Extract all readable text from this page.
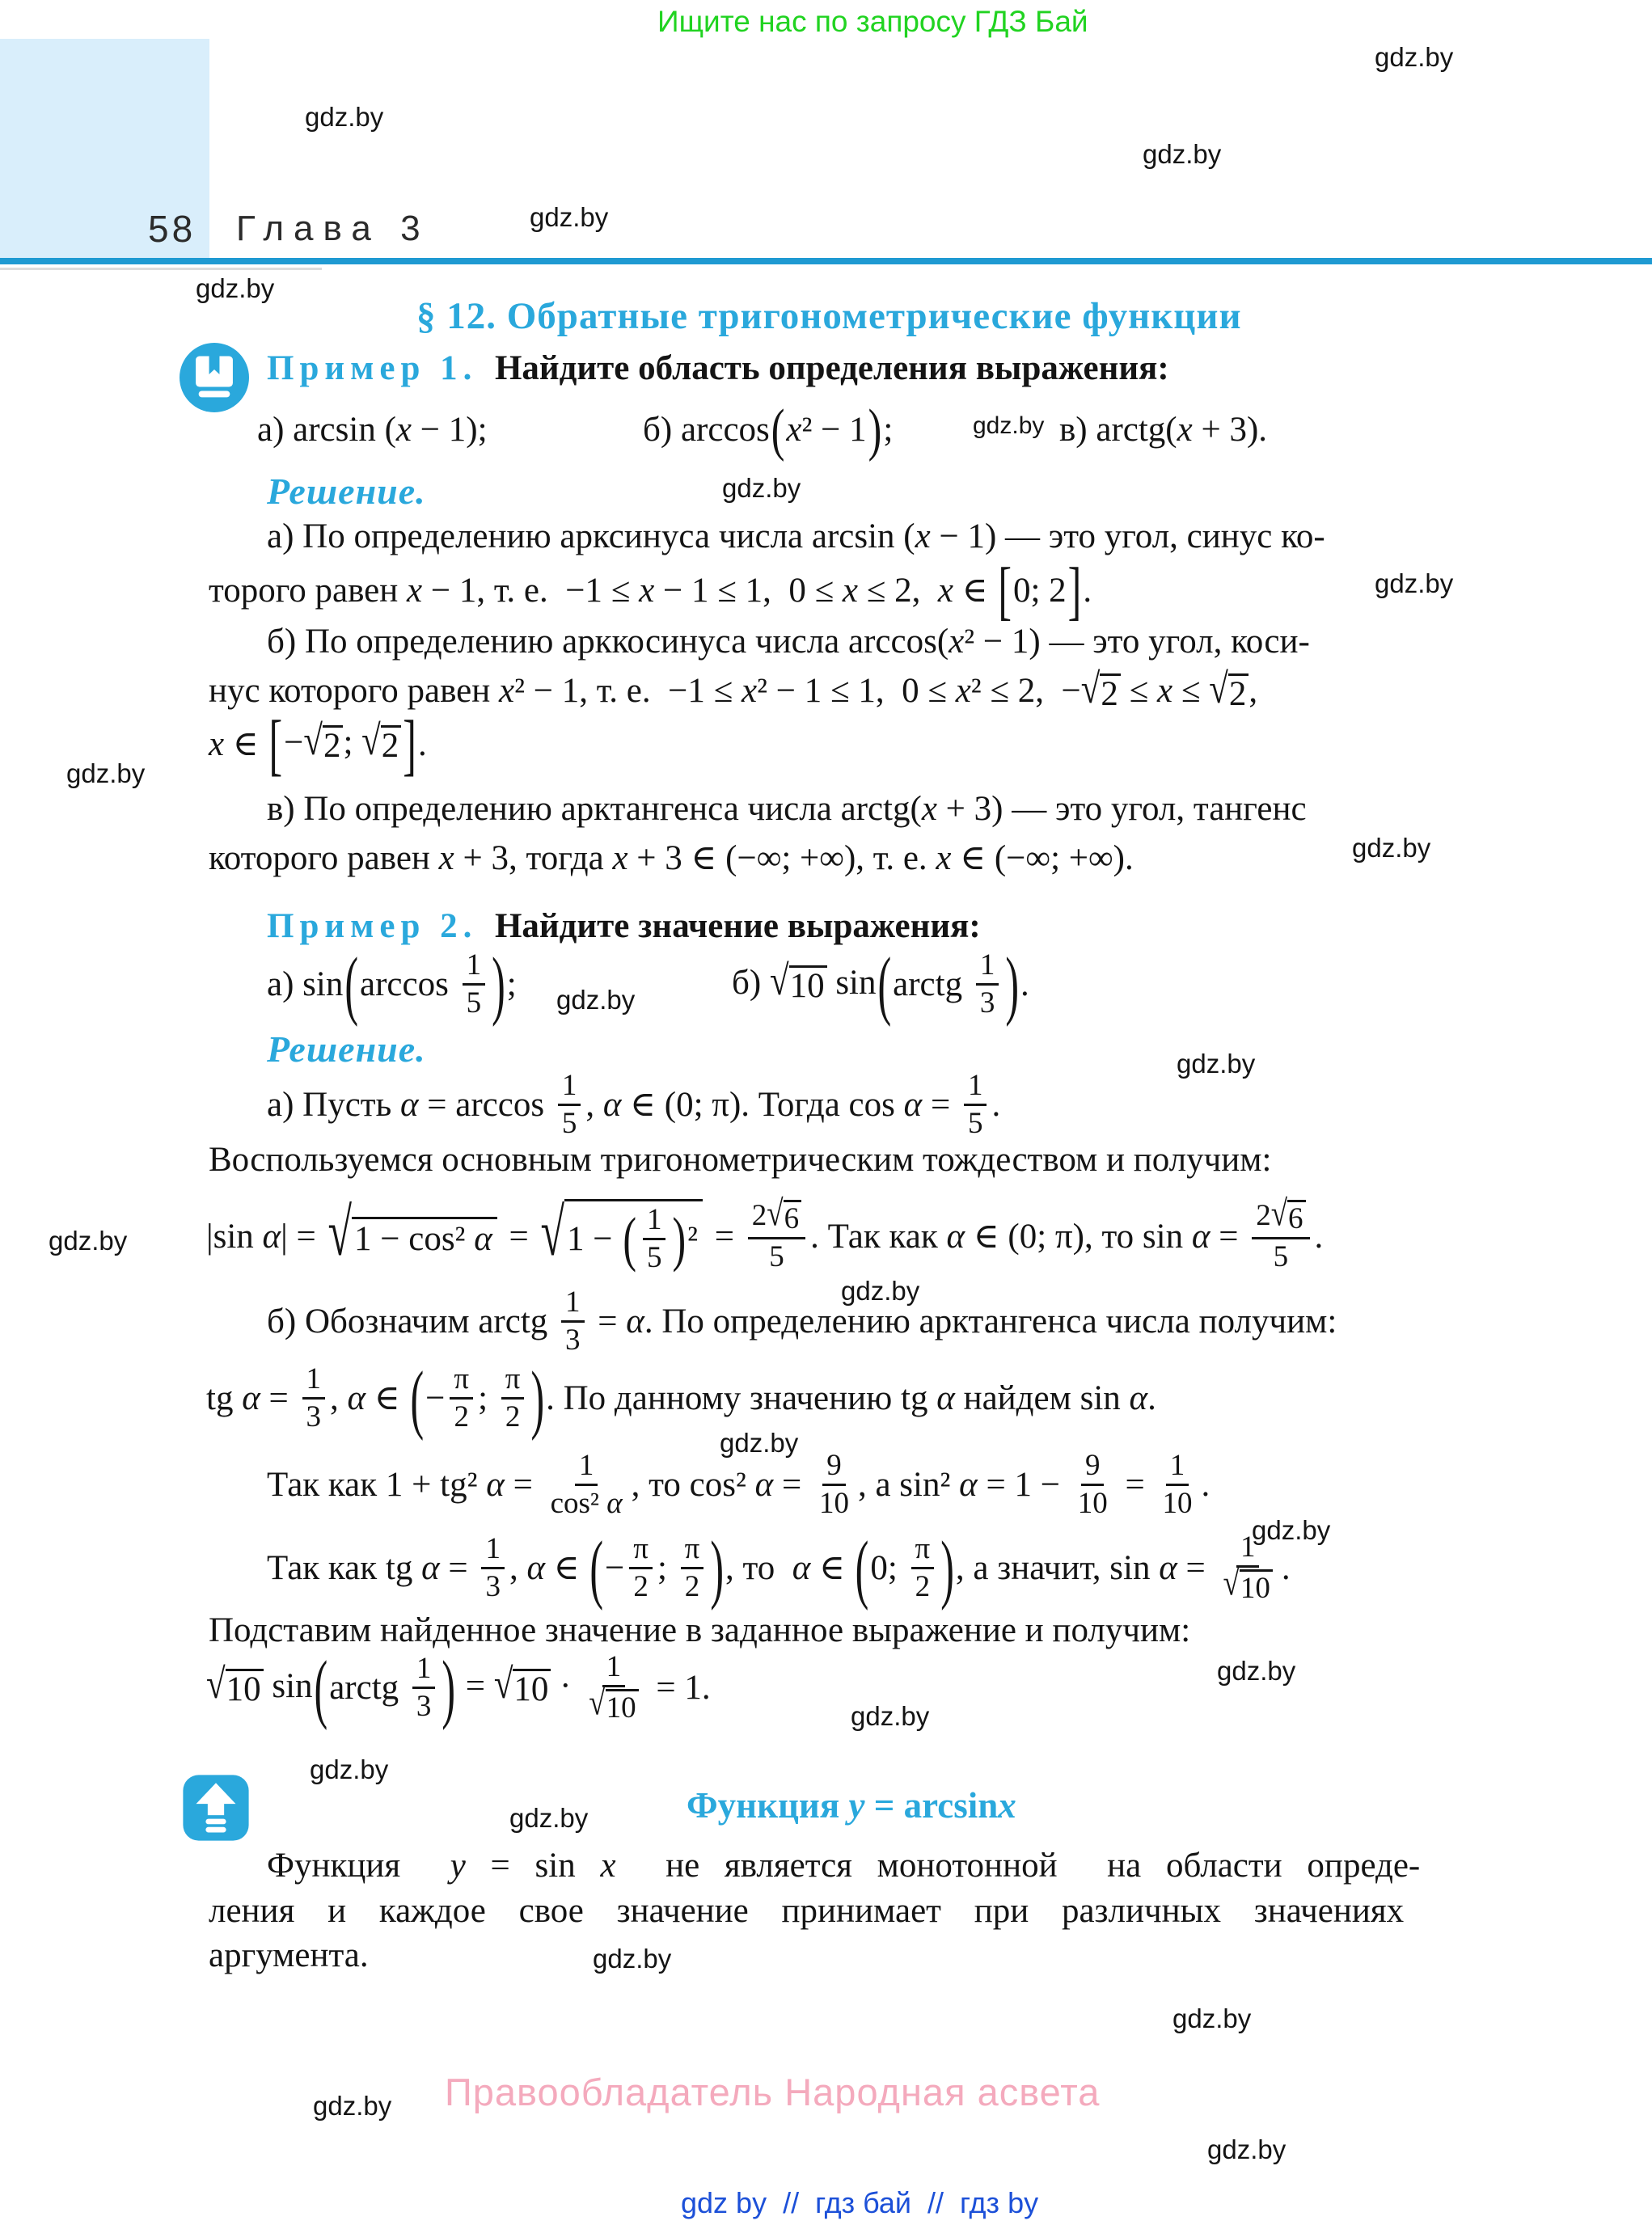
Ищите нас по запросу ГДЗ Бай
58 Глава 3
§ 12. Обратные тригонометрические функции
Пример 1. Найдите область определения выражения:
а) arcsin (x − 1);	б) arccos ( x² − 1 ) ;	в) arctg(x + 3).
Решение.
а) По определению арксинуса числа arcsin (x − 1) — это угол, синус ко-
торого равен x − 1, т. е.  −1 ≤ x − 1 ≤ 1,  0 ≤ x ≤ 2,  x ∈ [ 0; 2 ] .
б) По определению арккосинуса числа arccos(x² − 1) — это угол, коси-
нус которого равен x² − 1, т. е.  −1 ≤ x² − 1 ≤ 1,  0 ≤ x² ≤ 2,  − √ 2 ≤ x ≤ √ 2 ,
x ∈ [ − √ 2 ; √ 2 ] .
в) По определению арктангенса числа arctg(x + 3) — это угол, тангенс
которого равен x + 3, тогда x + 3 ∈ (−∞; +∞), т. е. x ∈ (−∞; +∞).
Пример 2. Найдите значение выражения:
а) sin ( $\arccos \frac{1}{5}$ ) ;	б) √ 10 sin ( arctg $\frac{1}{3}$ ) .
Решение.
а) Пусть $\alpha = \arccos \frac{1}{5}$ , α ∈ (0; π). Тогда $\cos \alpha = \frac{1}{5}$ .
Воспользуемся основным тригонометрическим тождеством и получим:
|sin α| = √ 1 − cos² α = √ 1 − ( $\frac{1}{5}$ ) $^2 = \frac{2 √ 6}{5}$ . Так как α ∈ (0; π), то $\sin \alpha = \frac{2 √ 6}{5}$ .
б) Обозначим arctg $\frac{1}{3} = \alpha$. По определению арктангенса числа получим:
tg $\alpha = \frac{1}{3}$ , α ∈ ( − $\frac{\pi}{2}$ ; $\frac{\pi}{2}$ ) . По данному значению tg α найдем sin α.
Так как 1 + tg² $\alpha = \frac{1}{\text{cos² α}}$ , то cos² $\alpha = \frac{9}{10}$ , а sin² $\alpha = 1 - \frac{9}{10} = \frac{1}{10}$ .
Так как tg $\alpha = \frac{1}{3}$ , α ∈ ( − $\frac{\pi}{2}$ ; $\frac{\pi}{2}$ ) , то  α ∈ ( 0; $\frac{\pi}{2}$ ) , а значит, $\sin \alpha = \frac{1}{√ 10}$ .
Подставим найденное значение в заданное выражение и получим:
√ 10 sin ( arctg $\frac{1}{3}$ ) = √ $10 \cdot \frac{1}{√ 10} = 1$.
Функция y = arcsinx
Функция  y = sin x  не является монотонной  на области опреде-
ления и каждое свое значение принимает при различных значениях
аргумента.
gdz.by
gdz.by
gdz.by
gdz.by
gdz.by
gdz.by
gdz.by
gdz.by
gdz.by
gdz.by
gdz.by
gdz.by
gdz.by
gdz.by
gdz.by
gdz.by
gdz.by
gdz.by
gdz.by
gdz.by
gdz.by
gdz.by
gdz.by
gdz.by
Правообладатель Народная асвета
gdz by  //  гдз бай  //  гдз by
